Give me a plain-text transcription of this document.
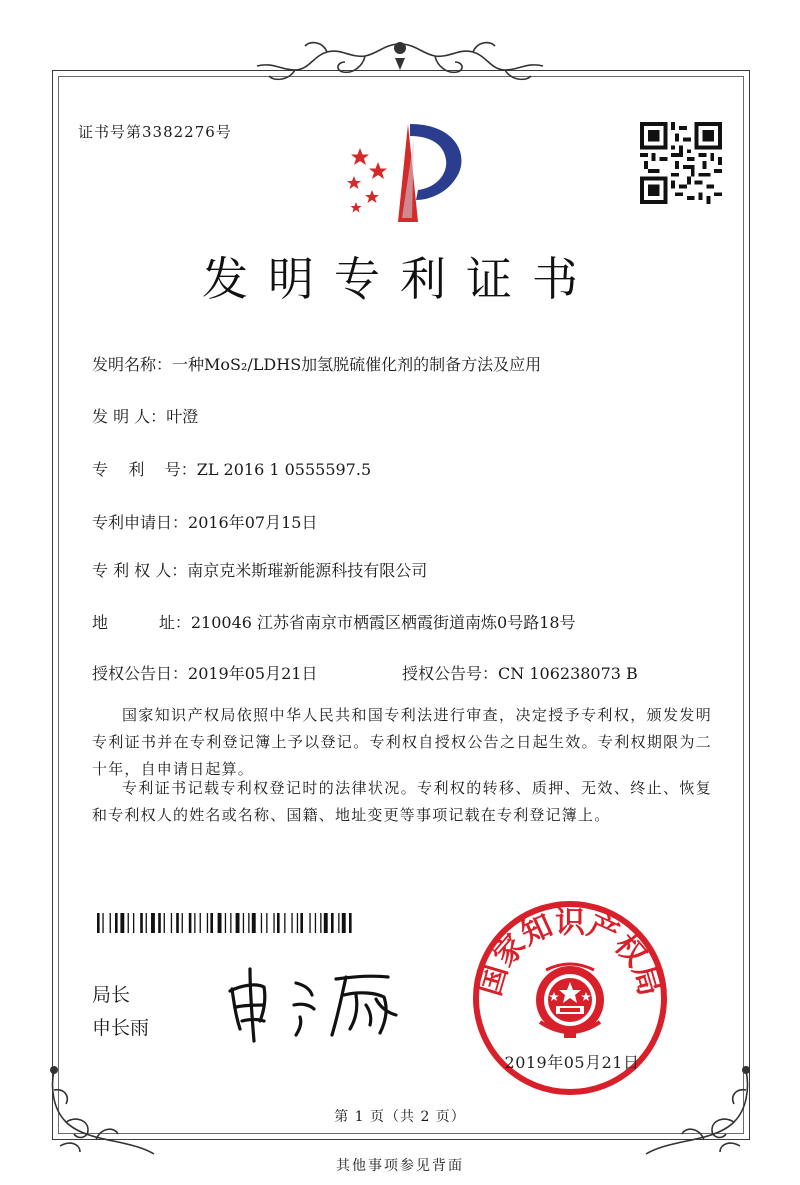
证书号第3382276号
发明专利证书
发明名称：一种MoS₂/LDHS加氢脱硫催化剂的制备方法及应用
发 明 人：叶澄
专    利    号：ZL 2016 1 0555597.5
专利申请日：2016年07月15日
专 利 权 人：南京克米斯璀新能源科技有限公司
地          址：210046 江苏省南京市栖霞区栖霞街道南炼0号路18号
授权公告日：2019年05月21日	授权公告号：CN 106238073 B
国家知识产权局依照中华人民共和国专利法进行审查，决定授予专利权，颁发发明专利证书并在专利登记簿上予以登记。专利权自授权公告之日起生效。专利权期限为二十年，自申请日起算。
专利证书记载专利权登记时的法律状况。专利权的转移、质押、无效、终止、恢复和专利权人的姓名或名称、国籍、地址变更等事项记载在专利登记簿上。
局长
申长雨
国家知识产权局
2019年05月21日
第 1 页（共 2 页）
其他事项参见背面
